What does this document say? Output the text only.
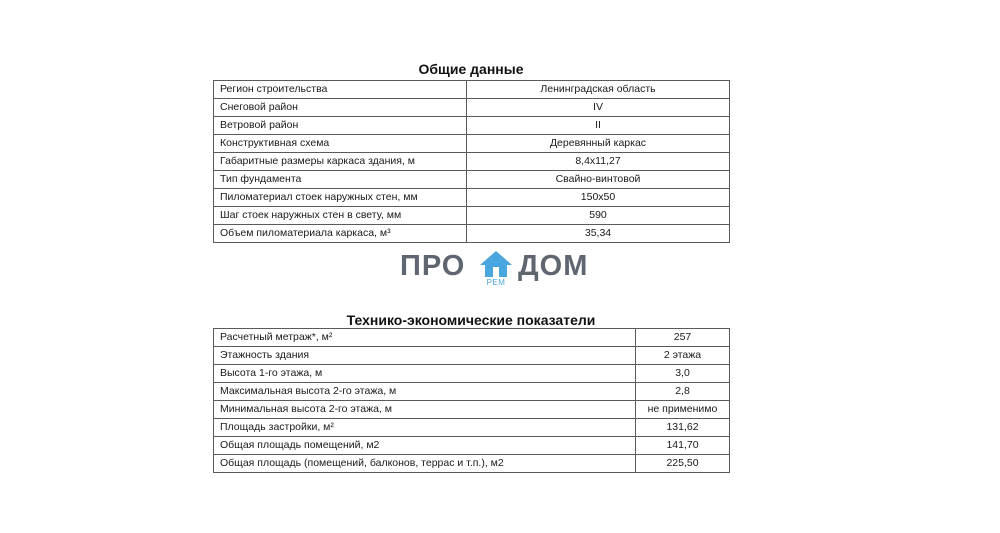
Общие данные
Регион строительства	Ленинградская область
Снеговой район	IV
Ветровой район	II
Конструктивная схема	Деревянный каркас
Габаритные размеры каркаса здания, м	8,4х11,27
Тип фундамента	Свайно-винтовой
Пиломатериал стоек наружных стен, мм	150х50
Шаг стоек наружных стен в свету, мм	590
Объем пиломатериала каркаса, м³	35,34
ПРО
РЕМ
ДОМ
Технико-экономические показатели
Расчетный метраж*, м²	257
Этажность здания	2 этажа
Высота 1-го этажа, м	3,0
Максимальная высота 2-го этажа, м	2,8
Минимальная высота 2-го этажа, м	не применимо
Площадь застройки, м²	131,62
Общая площадь помещений, м2	141,70
Общая площадь (помещений, балконов, террас и т.п.), м2	225,50
